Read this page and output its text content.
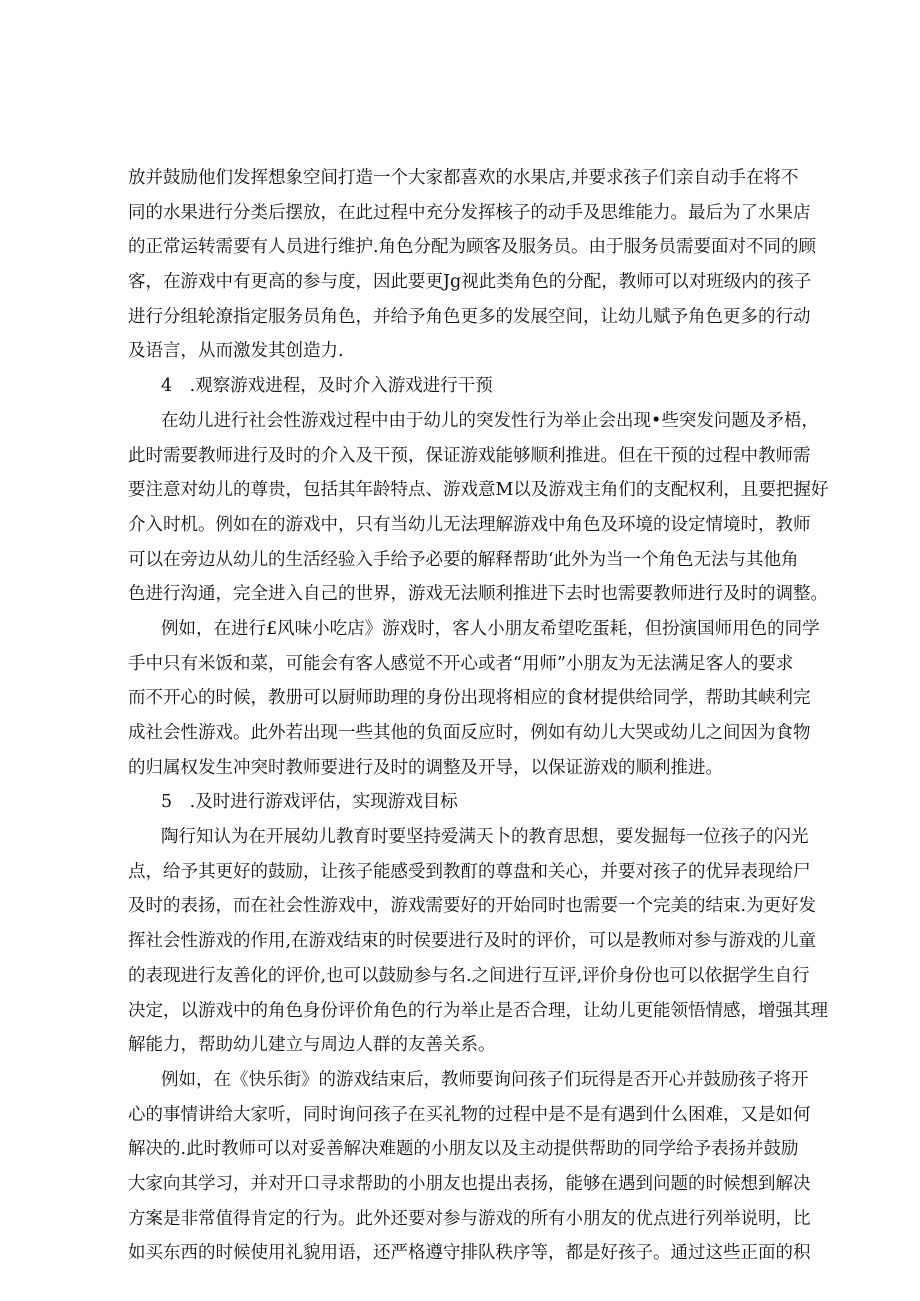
放并鼓励他们发挥想象空间打造一个大家都喜欢的水果店,并要求孩子们亲自动手在将不
同的水果进行分类后摆放，在此过程中充分发挥核子的动手及思维能力。最后为了水果店
的正常运转需要有人员进行维护.角色分配为顾客及服务员。由于服务员需要面对不同的顾
客，在游戏中有更高的参与度，因此要更Jg视此类角色的分配，教师可以对班级内的孩子
进行分组轮潦指定服务员角色，并给予角色更多的发展空间，让幼儿赋予角色更多的行动
及语言，从而激发其创造力.
4　.观察游戏进程，及时介入游戏进行干预
在幼儿进行社会性游戏过程中由于幼儿的突发性行为举止会出现•些突发问题及矛梧，
此时需要教师进行及时的介入及干预，保证游戏能够顺利推进。但在干预的过程中教师需
要注意对幼儿的尊贵，包括其年龄特点、游戏意M以及游戏主角们的支配权利，且要把握好
介入时机。例如在的游戏中，只有当幼儿无法理解游戏中角色及环境的设定情境时，教师
可以在旁边从幼儿的生活经验入手给予必要的解释帮助‘此外为当一个角色无法与其他角
色进行沟通，完全进入自己的世界，游戏无法顺利推进下去时也需要教师进行及时的调整。
例如，在进行£风味小吃店》游戏时，客人小朋友希望吃蛋耗，但扮演国师用色的同学
手中只有米饭和菜，可能会有客人感觉不开心或者“用师”小朋友为无法满足客人的要求
而不开心的时候，教册可以厨师助理的身份出现将相应的食材提供给同学，帮助其峡利完
成社会性游戏。此外若出现一些其他的负面反应时，例如有幼儿大哭或幼儿之间因为食物
的归属权发生冲突时教师要进行及时的调整及开导，以保证游戏的顺利推进。
5　.及时进行游戏评估，实现游戏目标
陶行知认为在开展幼儿教育时要坚持爱满天卜的教育思想，要发掘每一位孩子的闪光
点，给予其更好的鼓励，让孩子能感受到教酊的尊盘和关心，并要对孩子的优异表现给尸
及时的表扬，而在社会性游戏中，游戏需要好的开始同时也需要一个完美的结束.为更好发
挥社会性游戏的作用,在游戏结束的时侯要进行及时的评价，可以是教师对参与游戏的儿童
的表现进行友善化的评价,也可以鼓励参与名.之间进行互评,评价身份也可以依据学生自行
决定，以游戏中的角色身份评价角色的行为举止是否合理，让幼儿更能领悟情感，增强其理
解能力，帮助幼儿建立与周边人群的友善关系。
例如，在《快乐街》的游戏结束后，教师要询问孩子们玩得是否开心并鼓励孩子将开
心的事情讲给大家听，同时询问孩子在买礼物的过程中是不是有遇到什么困难，又是如何
解决的.此时教师可以对妥善解决难题的小朋友以及主动提供帮助的同学给予表扬并鼓励
大家向其学习，并对开口寻求帮助的小朋友也提出表扬，能够在遇到问题的时候想到解决
方案是非常值得肯定的行为。此外还要对参与游戏的所有小朋友的优点进行列举说明，比
如买东西的时候使用礼貌用语，还严格遵守排队秩序等，都是好孩子。通过这些正面的积
